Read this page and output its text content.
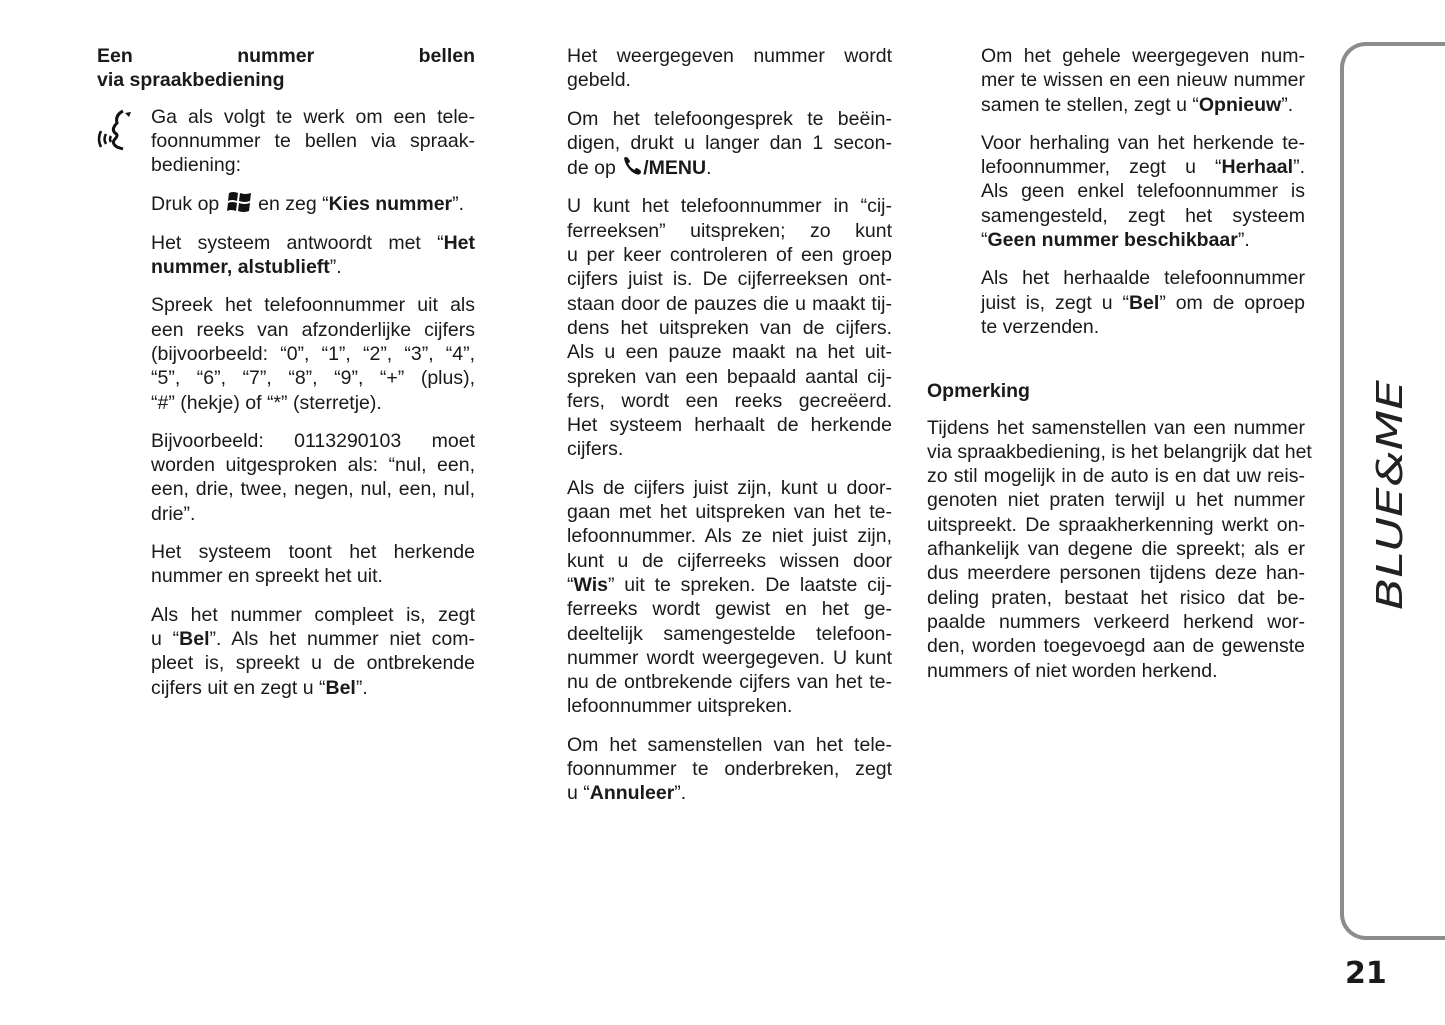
Een nummer bellen
via spraakbediening
Ga als volgt te werk om een tele-
foonnummer te bellen via spraak-
bediening:
Druk op  en zeg “Kies nummer”.
Het systeem antwoordt met “Het
nummer, alstublieft”.
Spreek het telefoonnummer uit als
een reeks van afzonderlijke cijfers
(bijvoorbeeld: “0”, “1”, “2”, “3”, “4”,
“5”, “6”, “7”, “8”, “9”, “+” (plus),
“#” (hekje) of “*” (sterretje).
Bijvoorbeeld: 0113290103 moet
worden uitgesproken als: “nul, een,
een, drie, twee, negen, nul, een, nul,
drie”.
Het systeem toont het herkende
nummer en spreekt het uit.
Als het nummer compleet is, zegt
u “Bel”. Als het nummer niet com-
pleet is, spreekt u de ontbrekende
cijfers uit en zegt u “Bel”.
Het weergegeven nummer wordt
gebeld.
Om het telefoongesprek te beëin-
digen, drukt u langer dan 1 secon-
de op /MENU.
U kunt het telefoonnummer in “cij-
ferreeksen” uitspreken; zo kunt
u per keer controleren of een groep
cijfers juist is. De cijferreeksen ont-
staan door de pauzes die u maakt tij-
dens het uitspreken van de cijfers.
Als u een pauze maakt na het uit-
spreken van een bepaald aantal cij-
fers, wordt een reeks gecreëerd.
Het systeem herhaalt de herkende
cijfers.
Als de cijfers juist zijn, kunt u door-
gaan met het uitspreken van het te-
lefoonnummer. Als ze niet juist zijn,
kunt u de cijferreeks wissen door
“Wis” uit te spreken. De laatste cij-
ferreeks wordt gewist en het ge-
deeltelijk samengestelde telefoon-
nummer wordt weergegeven. U kunt
nu de ontbrekende cijfers van het te-
lefoonnummer uitspreken.
Om het samenstellen van het tele-
foonnummer te onderbreken, zegt
u “Annuleer”.
Om het gehele weergegeven num-
mer te wissen en een nieuw nummer
samen te stellen, zegt u “Opnieuw”.
Voor herhaling van het herkende te-
lefoonnummer, zegt u “Herhaal”.
Als geen enkel telefoonnummer is
samengesteld, zegt het systeem
“Geen nummer beschikbaar”.
Als het herhaalde telefoonnummer
juist is, zegt u “Bel” om de oproep
te verzenden.
Opmerking
Tijdens het samenstellen van een nummer
via spraakbediening, is het belangrijk dat het
zo stil mogelijk in de auto is en dat uw reis-
genoten niet praten terwijl u het nummer
uitspreekt. De spraakherkenning werkt on-
afhankelijk van degene die spreekt; als er
dus meerdere personen tijdens deze han-
deling praten, bestaat het risico dat be-
paalde nummers verkeerd herkend wor-
den, worden toegevoegd aan de gewenste
nummers of niet worden herkend.
BLUE&ME
21
